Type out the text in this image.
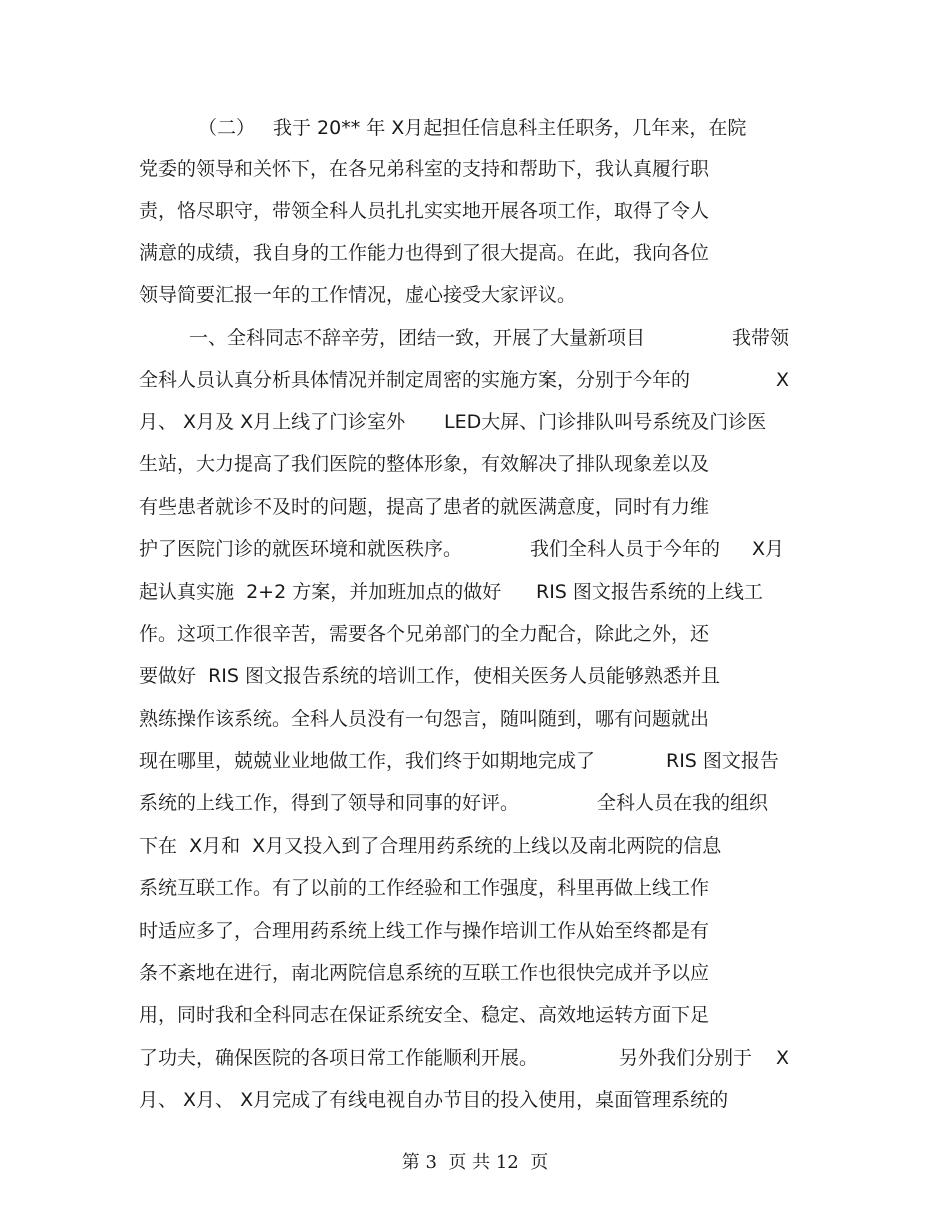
（二）

我于 20** 年 X月起担任信息科主任职务，几年来，在院

党委的领导和关怀下，在各兄弟科室的支持和帮助下，我认真履行职

责，恪尽职守，带领全科人员扎扎实实地开展各项工作，取得了令人

满意的成绩，我自身的工作能力也得到了很大提高。在此，我向各位

领导简要汇报一年的工作情况，虚心接受大家评议。

一、全科同志不辞辛劳，团结一致，开展了大量新项目

	我带领

全科人员认真分析具体情况并制定周密的实施方案，分别于今年的

	X

月、 X月及 X月上线了门诊室外

LED大屏、门诊排队叫号系统及门诊医

生站，大力提高了我们医院的整体形象，有效解决了排队现象差以及

有些患者就诊不及时的问题，提高了患者的就医满意度，同时有力维

护了医院门诊的就医环境和就医秩序。

	我们全科人员于今年的

X月

起认真实施  2+2 方案，并加班加点的做好

RIS 图文报告系统的上线工

作。这项工作很辛苦，需要各个兄弟部门的全力配合，除此之外，还

要做好  RIS 图文报告系统的培训工作，使相关医务人员能够熟悉并且

熟练操作该系统。全科人员没有一句怨言，随叫随到，哪有问题就出

现在哪里，兢兢业业地做工作，我们终于如期地完成了

	RIS 图文报告

系统的上线工作，得到了领导和同事的好评。

	全科人员在我的组织

下在  X月和  X月又投入到了合理用药系统的上线以及南北两院的信息

系统互联工作。有了以前的工作经验和工作强度，科里再做上线工作

时适应多了，合理用药系统上线工作与操作培训工作从始至终都是有

条不紊地在进行，南北两院信息系统的互联工作也很快完成并予以应

用，同时我和全科同志在保证系统安全、稳定、高效地运转方面下足

了功夫，确保医院的各项日常工作能顺利开展。

	另外我们分别于

X

月、 X月、 X月完成了有线电视自办节目的投入使用，桌面管理系统的

第 3  页 共 12  页
